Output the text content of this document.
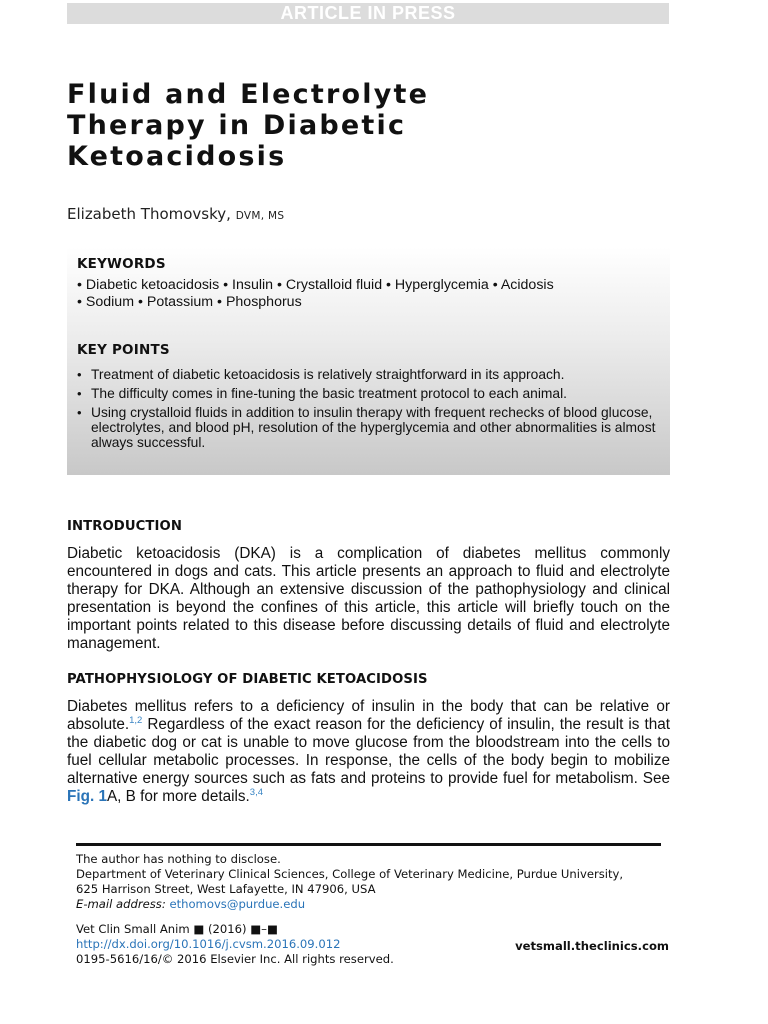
ARTICLE IN PRESS
Fluid and Electrolyte
Therapy in Diabetic
Ketoacidosis
Elizabeth Thomovsky, DVM, MS
KEYWORDS
• Diabetic ketoacidosis • Insulin • Crystalloid fluid • Hyperglycemia • Acidosis
• Sodium • Potassium • Phosphorus
KEY POINTS
• Treatment of diabetic ketoacidosis is relatively straightforward in its approach.
• The difficulty comes in fine-tuning the basic treatment protocol to each animal.
• Using crystalloid fluids in addition to insulin therapy with frequent rechecks of blood glucose, electrolytes, and blood pH, resolution of the hyperglycemia and other abnormalities is almost always successful.
INTRODUCTION
Diabetic ketoacidosis (DKA) is a complication of diabetes mellitus commonly encountered in dogs and cats. This article presents an approach to fluid and electrolyte therapy for DKA. Although an extensive discussion of the pathophysiology and clinical presentation is beyond the confines of this article, this article will briefly touch on the important points related to this disease before discussing details of fluid and electrolyte management.
PATHOPHYSIOLOGY OF DIABETIC KETOACIDOSIS
Diabetes mellitus refers to a deficiency of insulin in the body that can be relative or absolute.$^{1,2}$ Regardless of the exact reason for the deficiency of insulin, the result is that the diabetic dog or cat is unable to move glucose from the bloodstream into the cells to fuel cellular metabolic processes. In response, the cells of the body begin to mobilize alternative energy sources such as fats and proteins to provide fuel for metabolism. See Fig. 1A, B for more details.$^{3,4}$
The author has nothing to disclose.
Department of Veterinary Clinical Sciences, College of Veterinary Medicine, Purdue University,
625 Harrison Street, West Lafayette, IN 47906, USA
E-mail address: ethomovs@purdue.edu
Vet Clin Small Anim ■ (2016) ■–■
http://dx.doi.org/10.1016/j.cvsm.2016.09.012
0195-5616/16/© 2016 Elsevier Inc. All rights reserved.
vetsmall.theclinics.com
